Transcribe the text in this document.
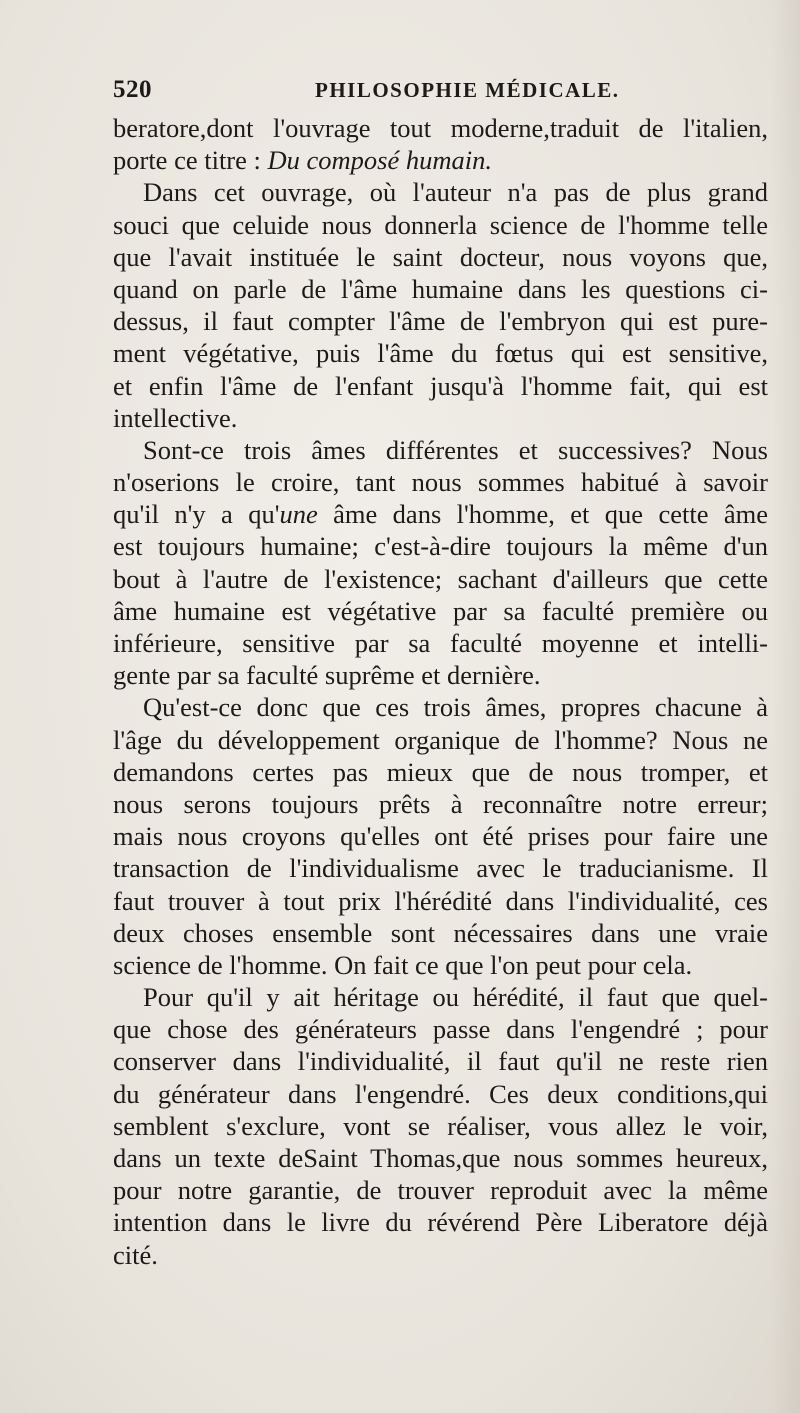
520	PHILOSOPHIE MÉDICALE.
beratore,dont l'ouvrage tout moderne,traduit de l'italien,
porte ce titre : Du composé humain.
Dans cet ouvrage, où l'auteur n'a pas de plus grand
souci que celuide nous donnerla science de l'homme telle
que l'avait instituée le saint docteur, nous voyons que,
quand on parle de l'âme humaine dans les questions ci-
dessus, il faut compter l'âme de l'embryon qui est pure-
ment végétative, puis l'âme du fœtus qui est sensitive,
et enfin l'âme de l'enfant jusqu'à l'homme fait, qui est
intellective.
Sont-ce trois âmes différentes et successives? Nous
n'oserions le croire, tant nous sommes habitué à savoir
qu'il n'y a qu'une âme dans l'homme, et que cette âme
est toujours humaine; c'est-à-dire toujours la même d'un
bout à l'autre de l'existence; sachant d'ailleurs que cette
âme humaine est végétative par sa faculté première ou
inférieure, sensitive par sa faculté moyenne et intelli-
gente par sa faculté suprême et dernière.
Qu'est-ce donc que ces trois âmes, propres chacune à
l'âge du développement organique de l'homme? Nous ne
demandons certes pas mieux que de nous tromper, et
nous serons toujours prêts à reconnaître notre erreur;
mais nous croyons qu'elles ont été prises pour faire une
transaction de l'individualisme avec le traducianisme. Il
faut trouver à tout prix l'hérédité dans l'individualité, ces
deux choses ensemble sont nécessaires dans une vraie
science de l'homme. On fait ce que l'on peut pour cela.
Pour qu'il y ait héritage ou hérédité, il faut que quel-
que chose des générateurs passe dans l'engendré ; pour
conserver dans l'individualité, il faut qu'il ne reste rien
du générateur dans l'engendré. Ces deux conditions,qui
semblent s'exclure, vont se réaliser, vous allez le voir,
dans un texte deSaint Thomas,que nous sommes heureux,
pour notre garantie, de trouver reproduit avec la même
intention dans le livre du révérend Père Liberatore déjà
cité.
